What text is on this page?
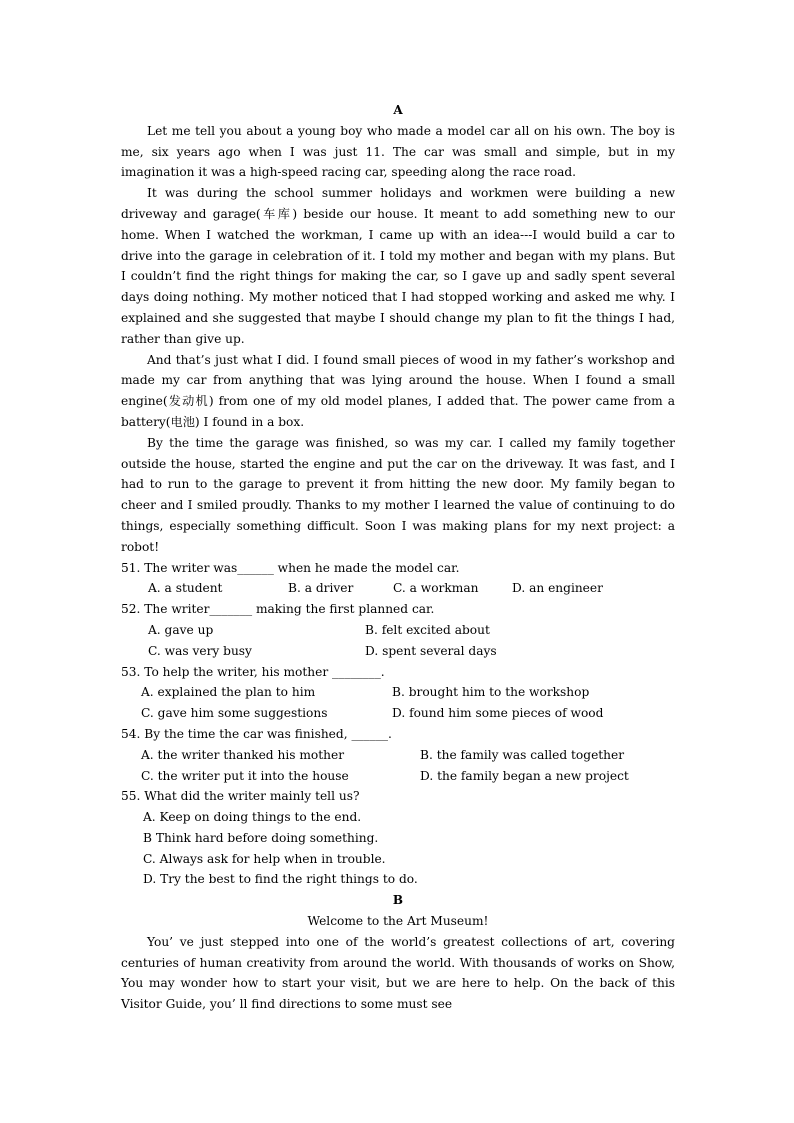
A

Let me tell you about a young boy who made a model car all on his own. The boy is me, six years ago when I was just 11. The car was small and simple, but in my imagination it was a high-speed racing car, speeding along the race road.

It was during the school summer holidays and workmen were building a new driveway and garage(车库) beside our house. It meant to add something new to our home. When I watched the workman, I came up with an idea---I would build a car to drive into the garage in celebration of it. I told my mother and began with my plans. But I couldn’t find the right things for making the car, so I gave up and sadly spent several days doing nothing. My mother noticed that I had stopped working and asked me why. I explained and she suggested that maybe I should change my plan to fit the things I had, rather than give up.

And that’s just what I did. I found small pieces of wood in my father’s workshop and made my car from anything that was lying around the house. When I found a small engine(发动机) from one of my old model planes, I added that. The power came from a battery(电池) I found in a box.

By the time the garage was finished, so was my car. I called my family together outside the house, started the engine and put the car on the driveway. It was fast, and I had to run to the garage to prevent it from hitting the new door. My family began to cheer and I smiled proudly. Thanks to my mother I learned the value of continuing to do things, especially something difficult. Soon I was making plans for my next project: a robot!

51. The writer was______ when he made the model car.

A. a student

	B. a driver

	C. a workman

	D. an engineer

52. The writer_______ making the first planned car.

A. gave up

	B. felt excited about

C. was very busy

	D. spent several days

53. To help the writer, his mother ________.

A. explained the plan to him

	B. brought him to the workshop

C. gave him some suggestions

	D. found him some pieces of wood

54. By the time the car was finished, ______.

A. the writer thanked his mother

	B. the family was called together

C. the writer put it into the house

	D. the family began a new project

55. What did the writer mainly tell us?
A. Keep on doing things to the end.
B Think hard before doing something.
C. Always ask for help when in trouble.
D. Try the best to find the right things to do.
B
Welcome to the Art Museum!

You’ ve just stepped into one of the world’s greatest collections of art, covering centuries of human creativity from around the world. With thousands of works on Show, You may wonder how to start your visit, but we are here to help. On the back of this Visitor Guide, you’ ll find directions to some must see
